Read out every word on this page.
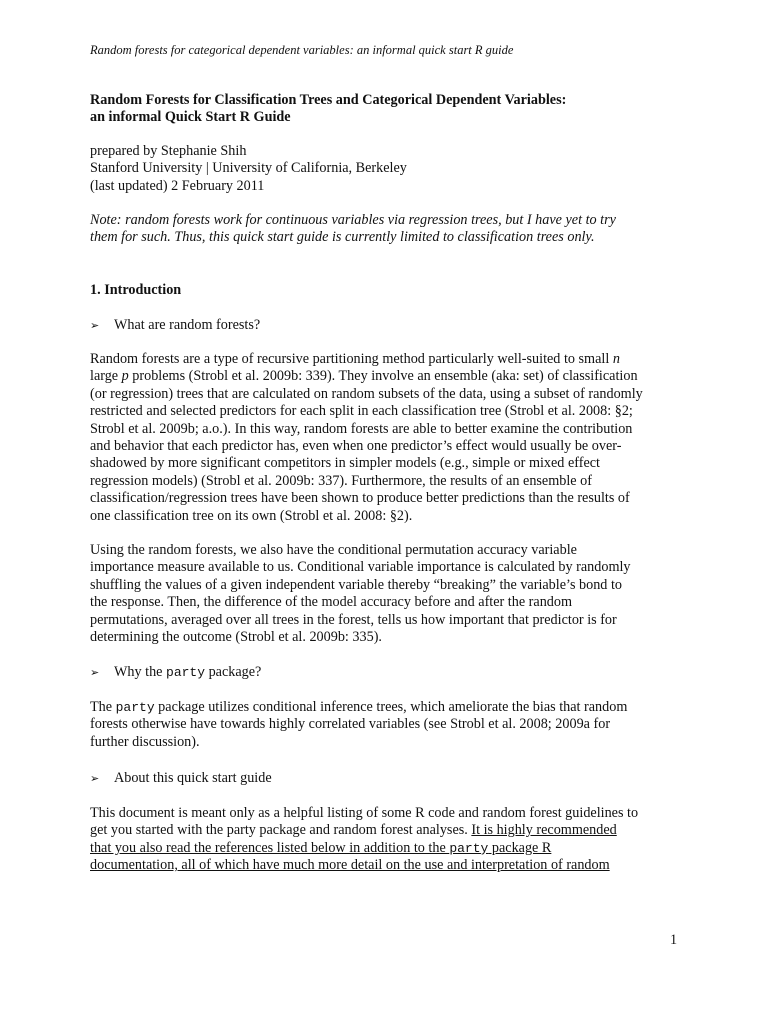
Random forests for categorical dependent variables: an informal quick start R guide
Random Forests for Classification Trees and Categorical Dependent Variables:
an informal Quick Start R Guide
prepared by Stephanie Shih
Stanford University | University of California, Berkeley
(last updated) 2 February 2011
Note: random forests work for continuous variables via regression trees, but I have yet to try
them for such. Thus, this quick start guide is currently limited to classification trees only.
1. Introduction
➢ What are random forests?
Random forests are a type of recursive partitioning method particularly well-suited to small n
large p problems (Strobl et al. 2009b: 339). They involve an ensemble (aka: set) of classification
(or regression) trees that are calculated on random subsets of the data, using a subset of randomly
restricted and selected predictors for each split in each classification tree (Strobl et al. 2008: §2;
Strobl et al. 2009b; a.o.). In this way, random forests are able to better examine the contribution
and behavior that each predictor has, even when one predictor’s effect would usually be over-
shadowed by more significant competitors in simpler models (e.g., simple or mixed effect
regression models) (Strobl et al. 2009b: 337). Furthermore, the results of an ensemble of
classification/regression trees have been shown to produce better predictions than the results of
one classification tree on its own (Strobl et al. 2008: §2).
Using the random forests, we also have the conditional permutation accuracy variable
importance measure available to us. Conditional variable importance is calculated by randomly
shuffling the values of a given independent variable thereby “breaking” the variable’s bond to
the response. Then, the difference of the model accuracy before and after the random
permutations, averaged over all trees in the forest, tells us how important that predictor is for
determining the outcome (Strobl et al. 2009b: 335).
➢ Why the party package?
The party package utilizes conditional inference trees, which ameliorate the bias that random
forests otherwise have towards highly correlated variables (see Strobl et al. 2008; 2009a for
further discussion).
➢ About this quick start guide
This document is meant only as a helpful listing of some R code and random forest guidelines to
get you started with the party package and random forest analyses. It is highly recommended
that you also read the references listed below in addition to the party package R
documentation, all of which have much more detail on the use and interpretation of random
1
